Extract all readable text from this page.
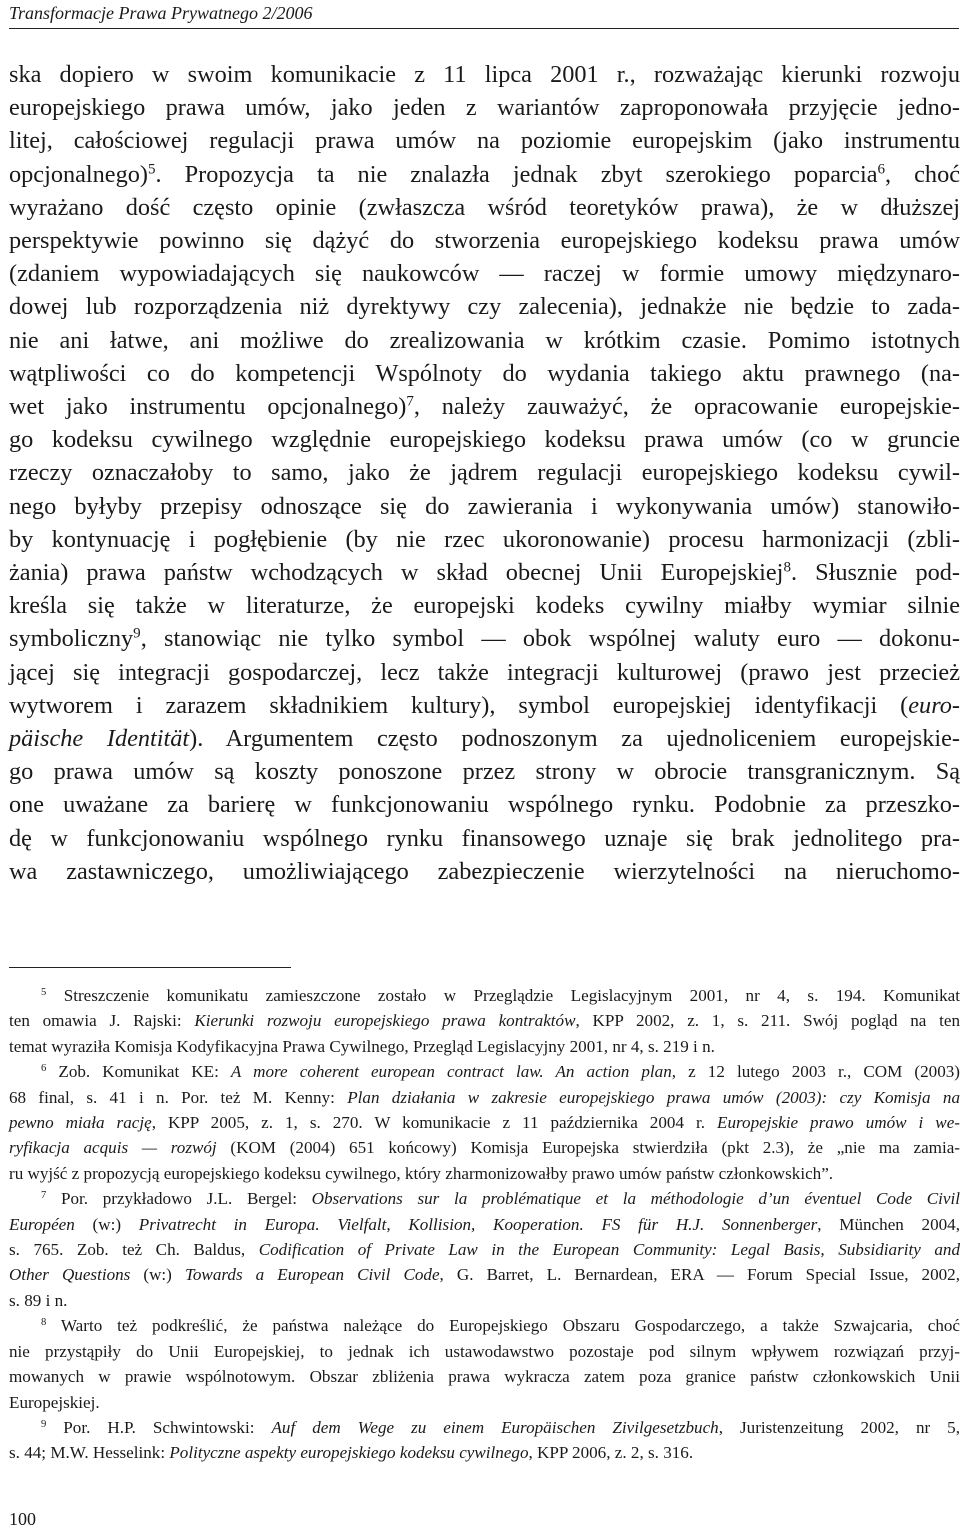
Transformacje Prawa Prywatnego 2/2006
ska dopiero w swoim komunikacie z 11 lipca 2001 r., rozważając kierunki rozwoju
europejskiego prawa umów, jako jeden z wariantów zaproponowała przyjęcie jedno-
litej, całościowej regulacji prawa umów na poziomie europejskim (jako instrumentu
opcjonalnego)$^5$. Propozycja ta nie znalazła jednak zbyt szerokiego poparcia$^6$, choć
wyrażano dość często opinie (zwłaszcza wśród teoretyków prawa), że w dłuższej
perspektywie powinno się dążyć do stworzenia europejskiego kodeksu prawa umów
(zdaniem wypowiadających się naukowców — raczej w formie umowy międzynaro-
dowej lub rozporządzenia niż dyrektywy czy zalecenia), jednakże nie będzie to zada-
nie ani łatwe, ani możliwe do zrealizowania w krótkim czasie. Pomimo istotnych
wątpliwości co do kompetencji Wspólnoty do wydania takiego aktu prawnego (na-
wet jako instrumentu opcjonalnego)$^7$, należy zauważyć, że opracowanie europejskie-
go kodeksu cywilnego względnie europejskiego kodeksu prawa umów (co w gruncie
rzeczy oznaczałoby to samo, jako że jądrem regulacji europejskiego kodeksu cywil-
nego byłyby przepisy odnoszące się do zawierania i wykonywania umów) stanowiło-
by kontynuację i pogłębienie (by nie rzec ukoronowanie) procesu harmonizacji (zbli-
żania) prawa państw wchodzących w skład obecnej Unii Europejskiej$^8$. Słusznie pod-
kreśla się także w literaturze, że europejski kodeks cywilny miałby wymiar silnie
symboliczny$^9$, stanowiąc nie tylko symbol — obok wspólnej waluty euro — dokonu-
jącej się integracji gospodarczej, lecz także integracji kulturowej (prawo jest przecież
wytworem i zarazem składnikiem kultury), symbol europejskiej identyfikacji (euro-
päische Identität). Argumentem często podnoszonym za ujednoliceniem europejskie-
go prawa umów są koszty ponoszone przez strony w obrocie transgranicznym. Są
one uważane za barierę w funkcjonowaniu wspólnego rynku. Podobnie za przeszko-
dę w funkcjonowaniu wspólnego rynku finansowego uznaje się brak jednolitego pra-
wa zastawniczego, umożliwiającego zabezpieczenie wierzytelności na nieruchomo-
$^5$ Streszczenie komunikatu zamieszczone zostało w Przeglądzie Legislacyjnym 2001, nr 4, s. 194. Komunikat
ten omawia J. Rajski: Kierunki rozwoju europejskiego prawa kontraktów, KPP 2002, z. 1, s. 211. Swój pogląd na ten
temat wyraziła Komisja Kodyfikacyjna Prawa Cywilnego, Przegląd Legislacyjny 2001, nr 4, s. 219 i n.
$^6$ Zob. Komunikat KE: A more coherent european contract law. An action plan, z 12 lutego 2003 r., COM (2003)
68 final, s. 41 i n. Por. też M. Kenny: Plan działania w zakresie europejskiego prawa umów (2003): czy Komisja na
pewno miała rację, KPP 2005, z. 1, s. 270. W komunikacie z 11 października 2004 r. Europejskie prawo umów i we-
ryfikacja acquis — rozwój (KOM (2004) 651 końcowy) Komisja Europejska stwierdziła (pkt 2.3), że „nie ma zamia-
ru wyjść z propozycją europejskiego kodeksu cywilnego, który zharmonizowałby prawo umów państw członkowskich”.
$^7$ Por. przykładowo J.L. Bergel: Observations sur la problématique et la méthodologie d’un éventuel Code Civil
Européen (w:) Privatrecht in Europa. Vielfalt, Kollision, Kooperation. FS für H.J. Sonnenberger, München 2004,
s. 765. Zob. też Ch. Baldus, Codification of Private Law in the European Community: Legal Basis, Subsidiarity and
Other Questions (w:) Towards a European Civil Code, G. Barret, L. Bernardean, ERA — Forum Special Issue, 2002,
s. 89 i n.
$^8$ Warto też podkreślić, że państwa należące do Europejskiego Obszaru Gospodarczego, a także Szwajcaria, choć
nie przystąpiły do Unii Europejskiej, to jednak ich ustawodawstwo pozostaje pod silnym wpływem rozwiązań przyj-
mowanych w prawie wspólnotowym. Obszar zbliżenia prawa wykracza zatem poza granice państw członkowskich Unii
Europejskiej.
$^9$ Por. H.P. Schwintowski: Auf dem Wege zu einem Europäischen Zivilgesetzbuch, Juristenzeitung 2002, nr 5,
s. 44; M.W. Hesselink: Polityczne aspekty europejskiego kodeksu cywilnego, KPP 2006, z. 2, s. 316.
100
